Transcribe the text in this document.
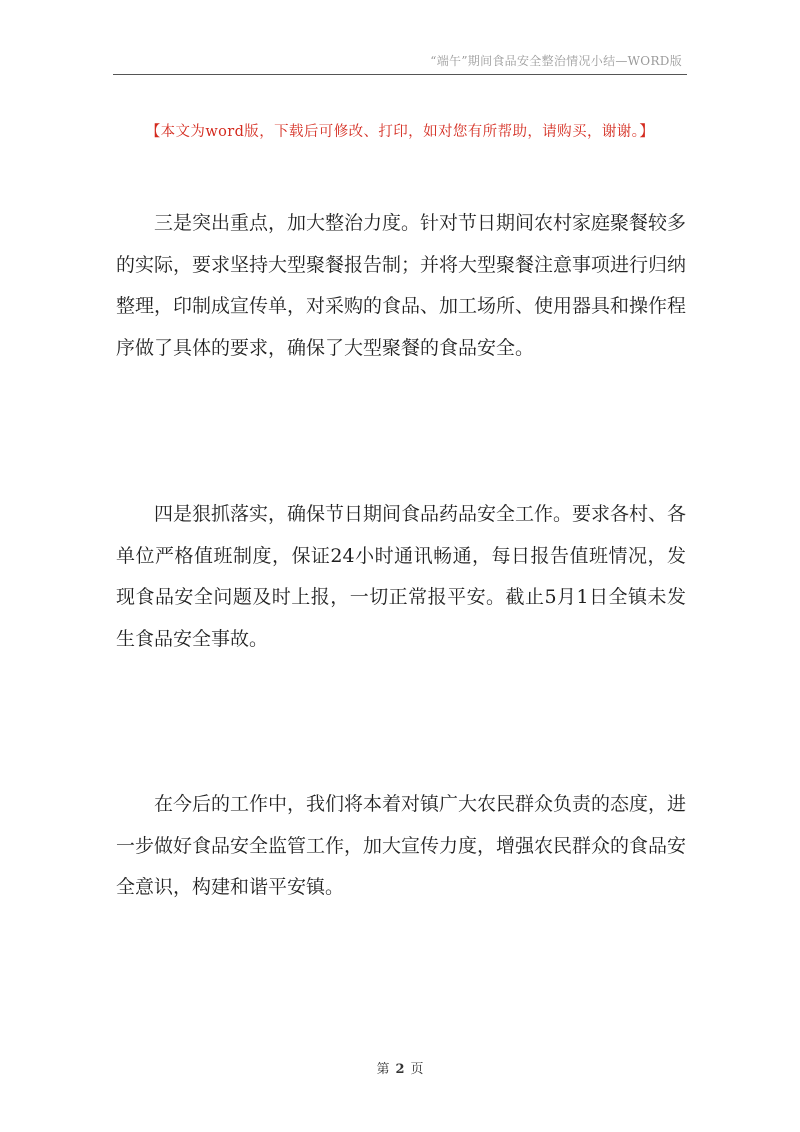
“端午”期间食品安全整治情况小结—WORD版
【本文为word版，下载后可修改、打印，如对您有所帮助，请购买，谢谢。】

三是突出重点，加大整治力度。针对节日期间农村家庭聚餐较多的实际，要求坚持大型聚餐报告制；并将大型聚餐注意事项进行归纳整理，印制成宣传单，对采购的食品、加工场所、使用器具和操作程序做了具体的要求，确保了大型聚餐的食品安全。

四是狠抓落实，确保节日期间食品药品安全工作。要求各村、各单位严格值班制度，保证24小时通讯畅通，每日报告值班情况，发现食品安全问题及时上报，一切正常报平安。截止5月1日全镇未发生食品安全事故。

在今后的工作中，我们将本着对镇广大农民群众负责的态度，进一步做好食品安全监管工作，加大宣传力度，增强农民群众的食品安全意识，构建和谐平安镇。

第 2 页
